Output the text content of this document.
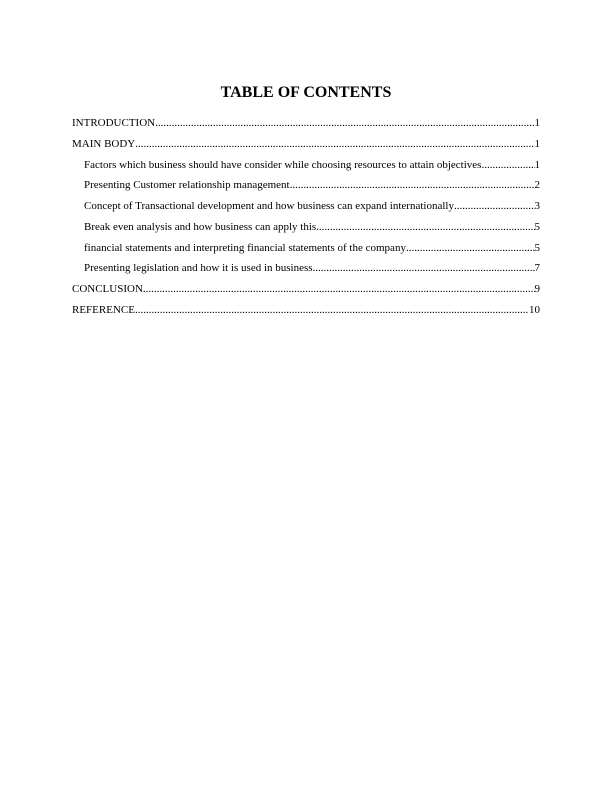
TABLE OF CONTENTS
INTRODUCTION .....	1
MAIN BODY .....	1
Factors which business should have consider while choosing resources to attain objectives .....	1
Presenting Customer relationship management .....	2
Concept of Transactional development and how business can expand internationally .....	3
Break even analysis and how business can apply this .....	5
financial statements and interpreting financial statements of the company .....	5
Presenting legislation and how it is used in business .....	7
CONCLUSION .....	9
REFERENCE .....	10
